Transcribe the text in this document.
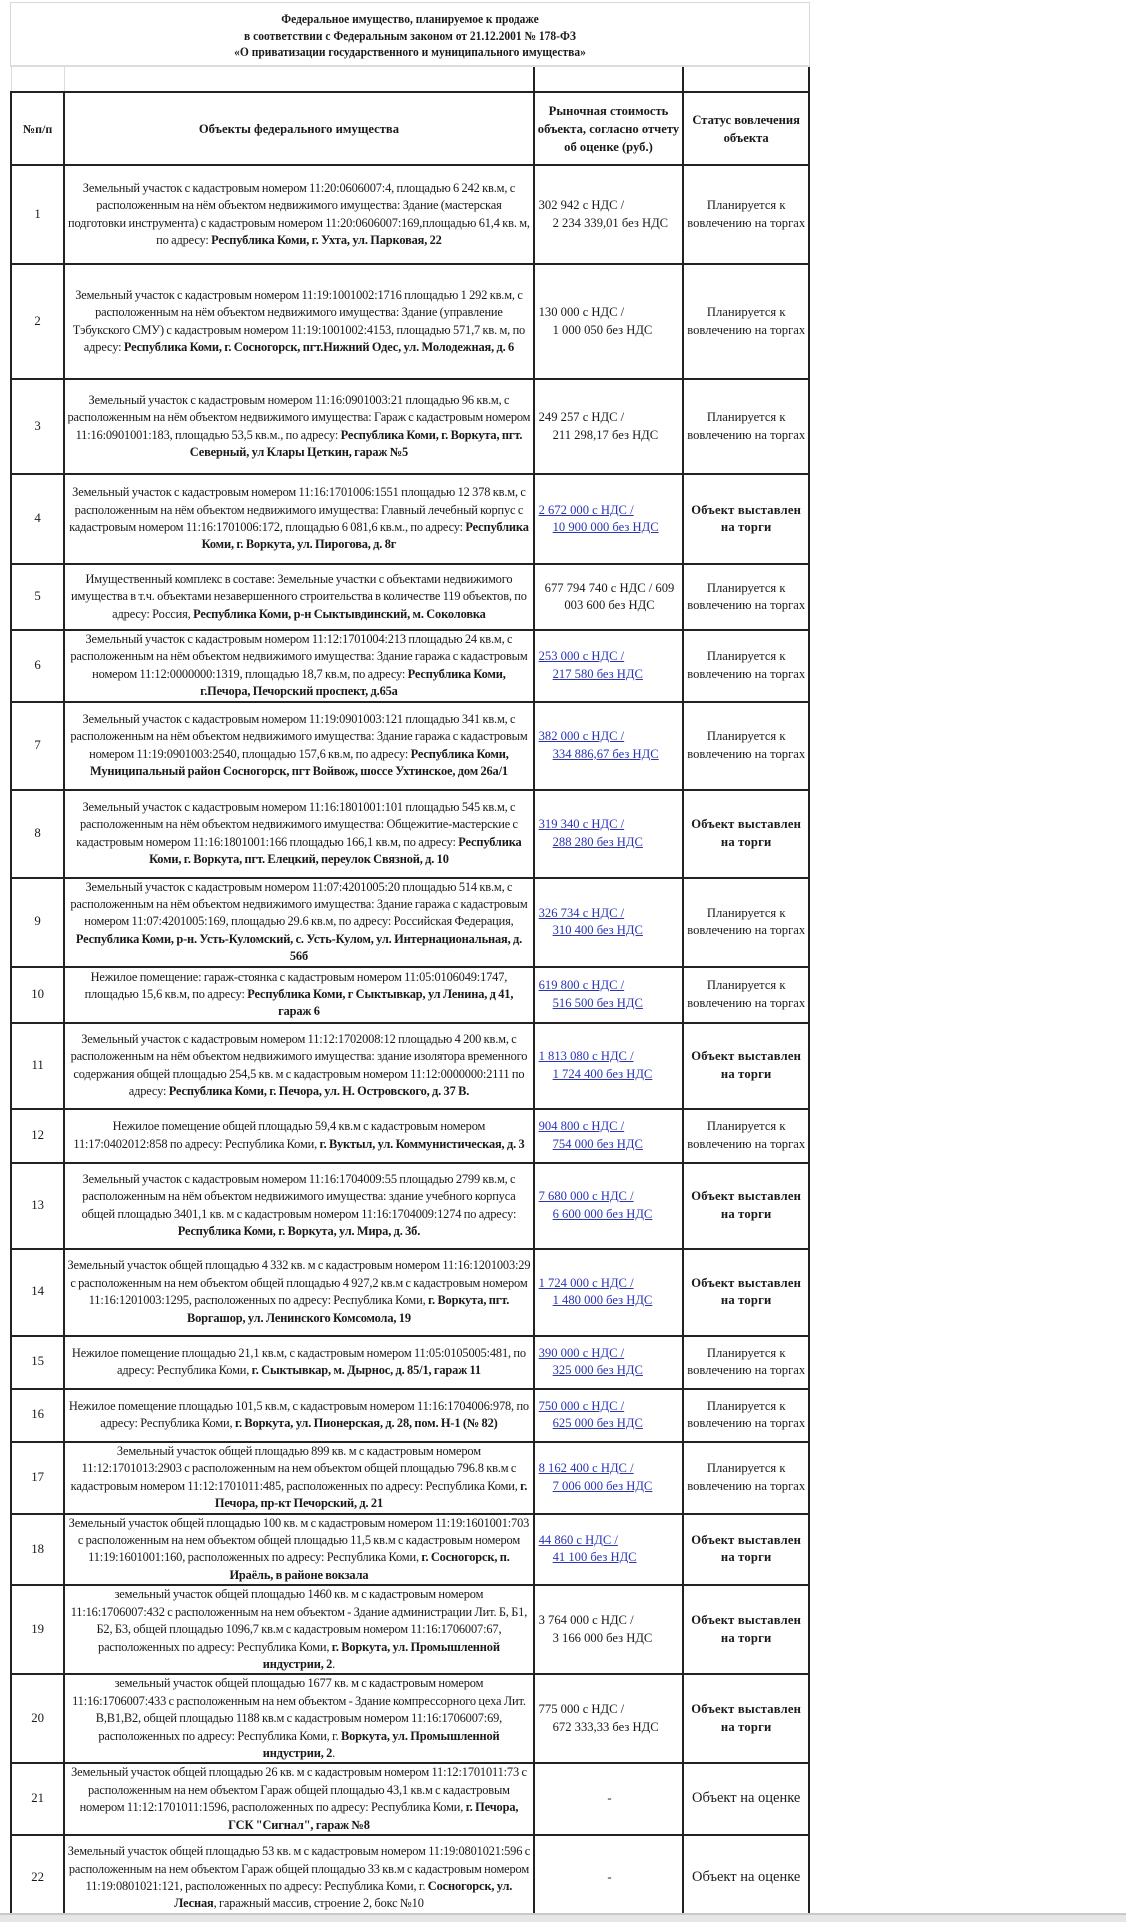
Федеральное имущество, планируемое к продаже
в соответствии с Федеральным законом от 21.12.2001 № 178-ФЗ
«О приватизации государственного и муниципального имущества»

№п/п	Объекты федерального имущества	Рыночная стоимость объекта, согласно отчету об оценке (руб.)	Статус вовлечения объекта
1	Земельный участок с кадастровым номером 11:20:0606007:4, площадью 6 242 кв.м, с расположенным на нём объектом недвижимого имущества: Здание (мастерская подготовки инструмента) с кадастровым номером 11:20:0606007:169,площадью 61,4 кв. м, по адресу: Республика Коми, г. Ухта, ул. Парковая, 22	302 942 с НДС /
2 234 339,01 без НДС	Планируется к вовлечению на торгах
2	Земельный участок с кадастровым номером 11:19:1001002:1716 площадью 1 292 кв.м, с расположенным на нём объектом недвижимого имущества: Здание (управление Тэбукского СМУ) с кадастровым номером 11:19:1001002:4153, площадью 571,7 кв. м, по адресу: Республика Коми, г. Сосногорск, пгт.Нижний Одес, ул. Молодежная, д. 6	130 000 с НДС /
1 000 050 без НДС	Планируется к вовлечению на торгах
3	Земельный участок с кадастровым номером 11:16:0901003:21 площадью 96 кв.м, с расположенным на нём объектом недвижимого имущества: Гараж с кадастровым номером 11:16:0901001:183, площадью 53,5 кв.м., по адресу: Республика Коми, г. Воркута, пгт. Северный, ул Клары Цеткин, гараж №5	249 257 с НДС /
211 298,17 без НДС	Планируется к вовлечению на торгах
4	Земельный участок с кадастровым номером 11:16:1701006:1551 площадью 12 378 кв.м, с расположенным на нём объектом недвижимого имущества: Главный лечебный корпус с кадастровым номером 11:16:1701006:172, площадью 6 081,6 кв.м., по адресу: Республика Коми, г. Воркута, ул. Пирогова, д. 8г	2 672 000 с НДС /
10 900 000 без НДС	Объект выставлен на торги
5	Имущественный комплекс в составе: Земельные участки с объектами недвижимого имущества в т.ч. объектами незавершенного строительства в количестве 119 объектов, по адресу: Россия, Республика Коми, р-н Сыктывдинский, м. Соколовка	677 794 740 с НДС / 609
003 600 без НДС	Планируется к вовлечению на торгах
6	Земельный участок с кадастровым номером 11:12:1701004:213 площадью 24 кв.м, с расположенным на нём объектом недвижимого имущества: Здание гаража с кадастровым номером 11:12:0000000:1319, площадью 18,7 кв.м, по адресу: Республика Коми, г.Печора, Печорский проспект, д.65а	253 000 с НДС /
217 580 без НДС	Планируется к вовлечению на торгах
7	Земельный участок с кадастровым номером 11:19:0901003:121 площадью 341 кв.м, с расположенным на нём объектом недвижимого имущества: Здание гаража с кадастровым номером 11:19:0901003:2540, площадью 157,6 кв.м, по адресу: Республика Коми, Муниципальный район Сосногорск, пгт Войвож, шоссе Ухтинское, дом 26а/1	382 000 с НДС /
334 886,67 без НДС	Планируется к вовлечению на торгах
8	Земельный участок с кадастровым номером 11:16:1801001:101 площадью 545 кв.м, с расположенным на нём объектом недвижимого имущества: Общежитие-мастерские с кадастровым номером 11:16:1801001:166 площадью 166,1 кв.м, по адресу: Республика Коми, г. Воркута, пгт. Елецкий, переулок Связной, д. 10	319 340 с НДС /
288 280 без НДС	Объект выставлен на торги
9	Земельный участок с кадастровым номером 11:07:4201005:20 площадью 514 кв.м, с расположенным на нём объектом недвижимого имущества: Здание гаража с кадастровым номером 11:07:4201005:169, площадью 29.6 кв.м, по адресу: Российская Федерация, Республика Коми, р-н. Усть-Куломский, с. Усть-Кулом, ул. Интернациональная, д. 56б	326 734 с НДС /
310 400 без НДС	Планируется к вовлечению на торгах
10	Нежилое помещение: гараж-стоянка с кадастровым номером 11:05:0106049:1747, площадью 15,6 кв.м, по адресу: Республика Коми, г Сыктывкар, ул Ленина, д 41, гараж 6	619 800 с НДС /
516 500 без НДС	Планируется к вовлечению на торгах
11	Земельный участок с кадастровым номером 11:12:1702008:12 площадью 4 200 кв.м, с расположенным на нём объектом недвижимого имущества: здание изолятора временного содержания общей площадью 254,5 кв. м с кадастровым номером 11:12:0000000:2111 по адресу: Республика Коми, г. Печора, ул. Н. Островского, д. 37 В.	1 813 080 с НДС /
1 724 400 без НДС	Объект выставлен на торги
12	Нежилое помещение общей площадью 59,4 кв.м с кадастровым номером 11:17:0402012:858 по адресу: Республика Коми, г. Вуктыл, ул. Коммунистическая, д. 3	904 800 с НДС /
754 000 без НДС	Планируется к вовлечению на торгах
13	Земельный участок с кадастровым номером 11:16:1704009:55 площадью 2799 кв.м, с расположенным на нём объектом недвижимого имущества: здание учебного корпуса общей площадью 3401,1 кв. м с кадастровым номером 11:16:1704009:1274 по адресу: Республика Коми, г. Воркута, ул. Мира, д. 3б.	7 680 000 с НДС /
6 600 000 без НДС	Объект выставлен на торги
14	Земельный участок общей площадью 4 332 кв. м с кадастровым номером 11:16:1201003:29 с расположенным на нем объектом общей площадью 4 927,2 кв.м с кадастровым номером 11:16:1201003:1295, расположенных по адресу: Республика Коми, г. Воркута, пгт. Воргашор, ул. Ленинского Комсомола, 19	1 724 000 с НДС /
1 480 000 без НДС	Объект выставлен на торги
15	Нежилое помещение площадью 21,1 кв.м, с кадастровым номером 11:05:0105005:481, по адресу: Республика Коми, г. Сыктывкар, м. Дырнос, д. 85/1, гараж 11	390 000 с НДС /
325 000 без НДС	Планируется к вовлечению на торгах
16	Нежилое помещение площадью 101,5 кв.м, с кадастровым номером 11:16:1704006:978, по адресу: Республика Коми, г. Воркута, ул. Пионерская, д. 28, пом. Н-1 (№ 82)	750 000 с НДС /
625 000 без НДС	Планируется к вовлечению на торгах
17	Земельный участок общей площадью 899 кв. м с кадастровым номером 11:12:1701013:2903 с расположенным на нем объектом общей площадью 796.8 кв.м с кадастровым номером 11:12:1701011:485, расположенных по адресу: Республика Коми, г. Печора, пр-кт Печорский, д. 21	8 162 400 с НДС /
7 006 000 без НДС	Планируется к вовлечению на торгах
18	Земельный участок общей площадью 100 кв. м с кадастровым номером 11:19:1601001:703 с расположенным на нем объектом общей площадью 11,5 кв.м с кадастровым номером 11:19:1601001:160, расположенных по адресу: Республика Коми, г. Сосногорск, п. Ираёль, в районе вокзала	44 860 с НДС /
41 100 без НДС	Объект выставлен на торги
19	земельный участок общей площадью 1460 кв. м с кадастровым номером 11:16:1706007:432 с расположенным на нем объектом - Здание администрации Лит. Б, Б1, Б2, Б3, общей площадью 1096,7 кв.м с кадастровым номером 11:16:1706007:67, расположенных по адресу: Республика Коми, г. Воркута, ул. Промышленной индустрии, 2.	3 764 000 с НДС /
3 166 000 без НДС	Объект выставлен на торги
20	земельный участок общей площадью 1677 кв. м с кадастровым номером 11:16:1706007:433 с расположенным на нем объектом - Здание компрессорного цеха Лит. В,В1,В2, общей площадью 1188 кв.м с кадастровым номером 11:16:1706007:69, расположенных по адресу: Республика Коми, г. Воркута, ул. Промышленной индустрии, 2.	775 000 с НДС /
672 333,33 без НДС	Объект выставлен на торги
21	Земельный участок общей площадью 26 кв. м с кадастровым номером 11:12:1701011:73 с расположенным на нем объектом Гараж общей площадью 43,1 кв.м с кадастровым номером 11:12:1701011:1596, расположенных по адресу: Республика Коми, г. Печора, ГСК "Сигнал", гараж №8	-	Объект на оценке
22	Земельный участок общей площадью 53 кв. м с кадастровым номером 11:19:0801021:596 с расположенным на нем объектом Гараж общей площадью 33 кв.м с кадастровым номером 11:19:0801021:121, расположенных по адресу: Республика Коми, г. Сосногорск, ул. Лесная, гаражный массив, строение 2, бокс №10	-	Объект на оценке
